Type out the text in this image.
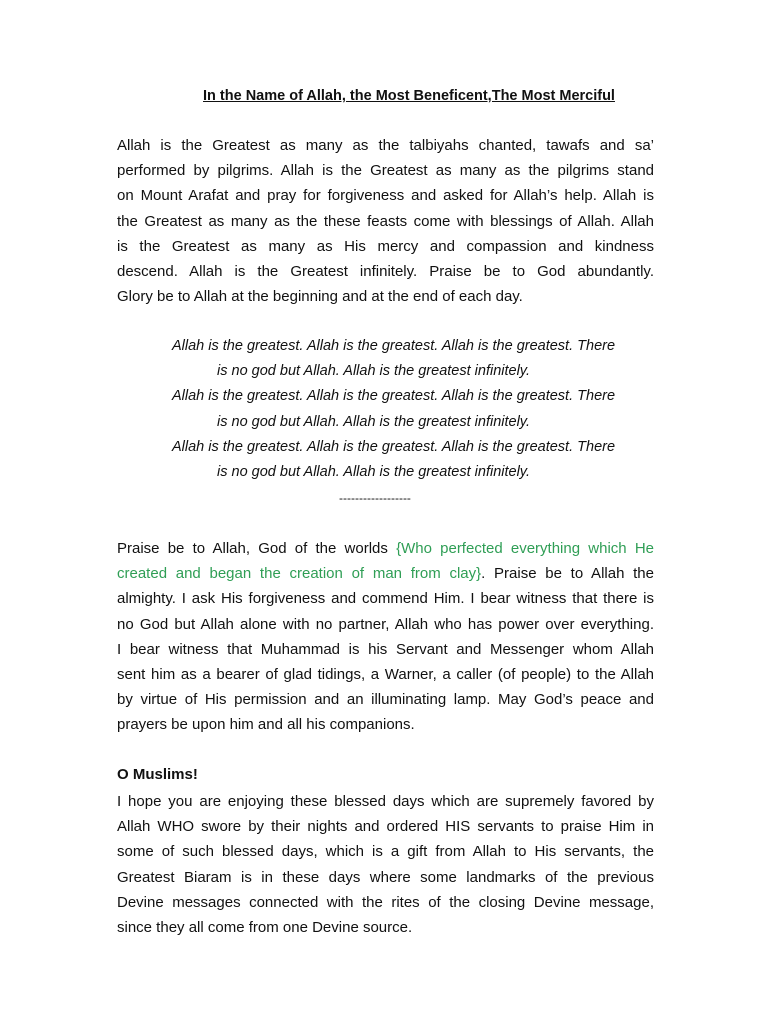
In the Name of Allah, the Most Beneficent,The Most Merciful
Allah is the Greatest as many as the talbiyahs chanted, tawafs and sa’
performed by pilgrims. Allah is the Greatest as many as the pilgrims stand
on Mount Arafat and pray for forgiveness and asked for Allah’s help. Allah is
the Greatest as many as the these feasts come with blessings of Allah. Allah
is the Greatest as many as His mercy and compassion and kindness
descend. Allah is the Greatest infinitely. Praise be to God abundantly.
Glory be to Allah at the beginning and at the end of each day.
Allah is the greatest. Allah is the greatest. Allah is the greatest. There
is no god but Allah. Allah is the greatest infinitely.
Allah is the greatest. Allah is the greatest. Allah is the greatest. There
is no god but Allah. Allah is the greatest infinitely.
Allah is the greatest. Allah is the greatest. Allah is the greatest. There
is no god but Allah. Allah is the greatest infinitely.
------------------
Praise be to Allah, God of the worlds {Who perfected everything which He
created and began the creation of man from clay}. Praise be to Allah the
almighty. I ask His forgiveness and commend Him. I bear witness that there is
no God but Allah alone with no partner, Allah who has power over everything.
I bear witness that Muhammad is his Servant and Messenger whom Allah
sent him as a bearer of glad tidings, a Warner, a caller (of people) to the Allah
by virtue of His permission and an illuminating lamp. May God’s peace and
prayers be upon him and all his companions.
O Muslims!
I hope you are enjoying these blessed days which are supremely favored by
Allah WHO swore by their nights and ordered HIS servants to praise Him in
some of such blessed days, which is a gift from Allah to His servants, the
Greatest Biaram is in these days where some landmarks of the previous
Devine messages connected with the rites of the closing Devine message,
since they all come from one Devine source.
